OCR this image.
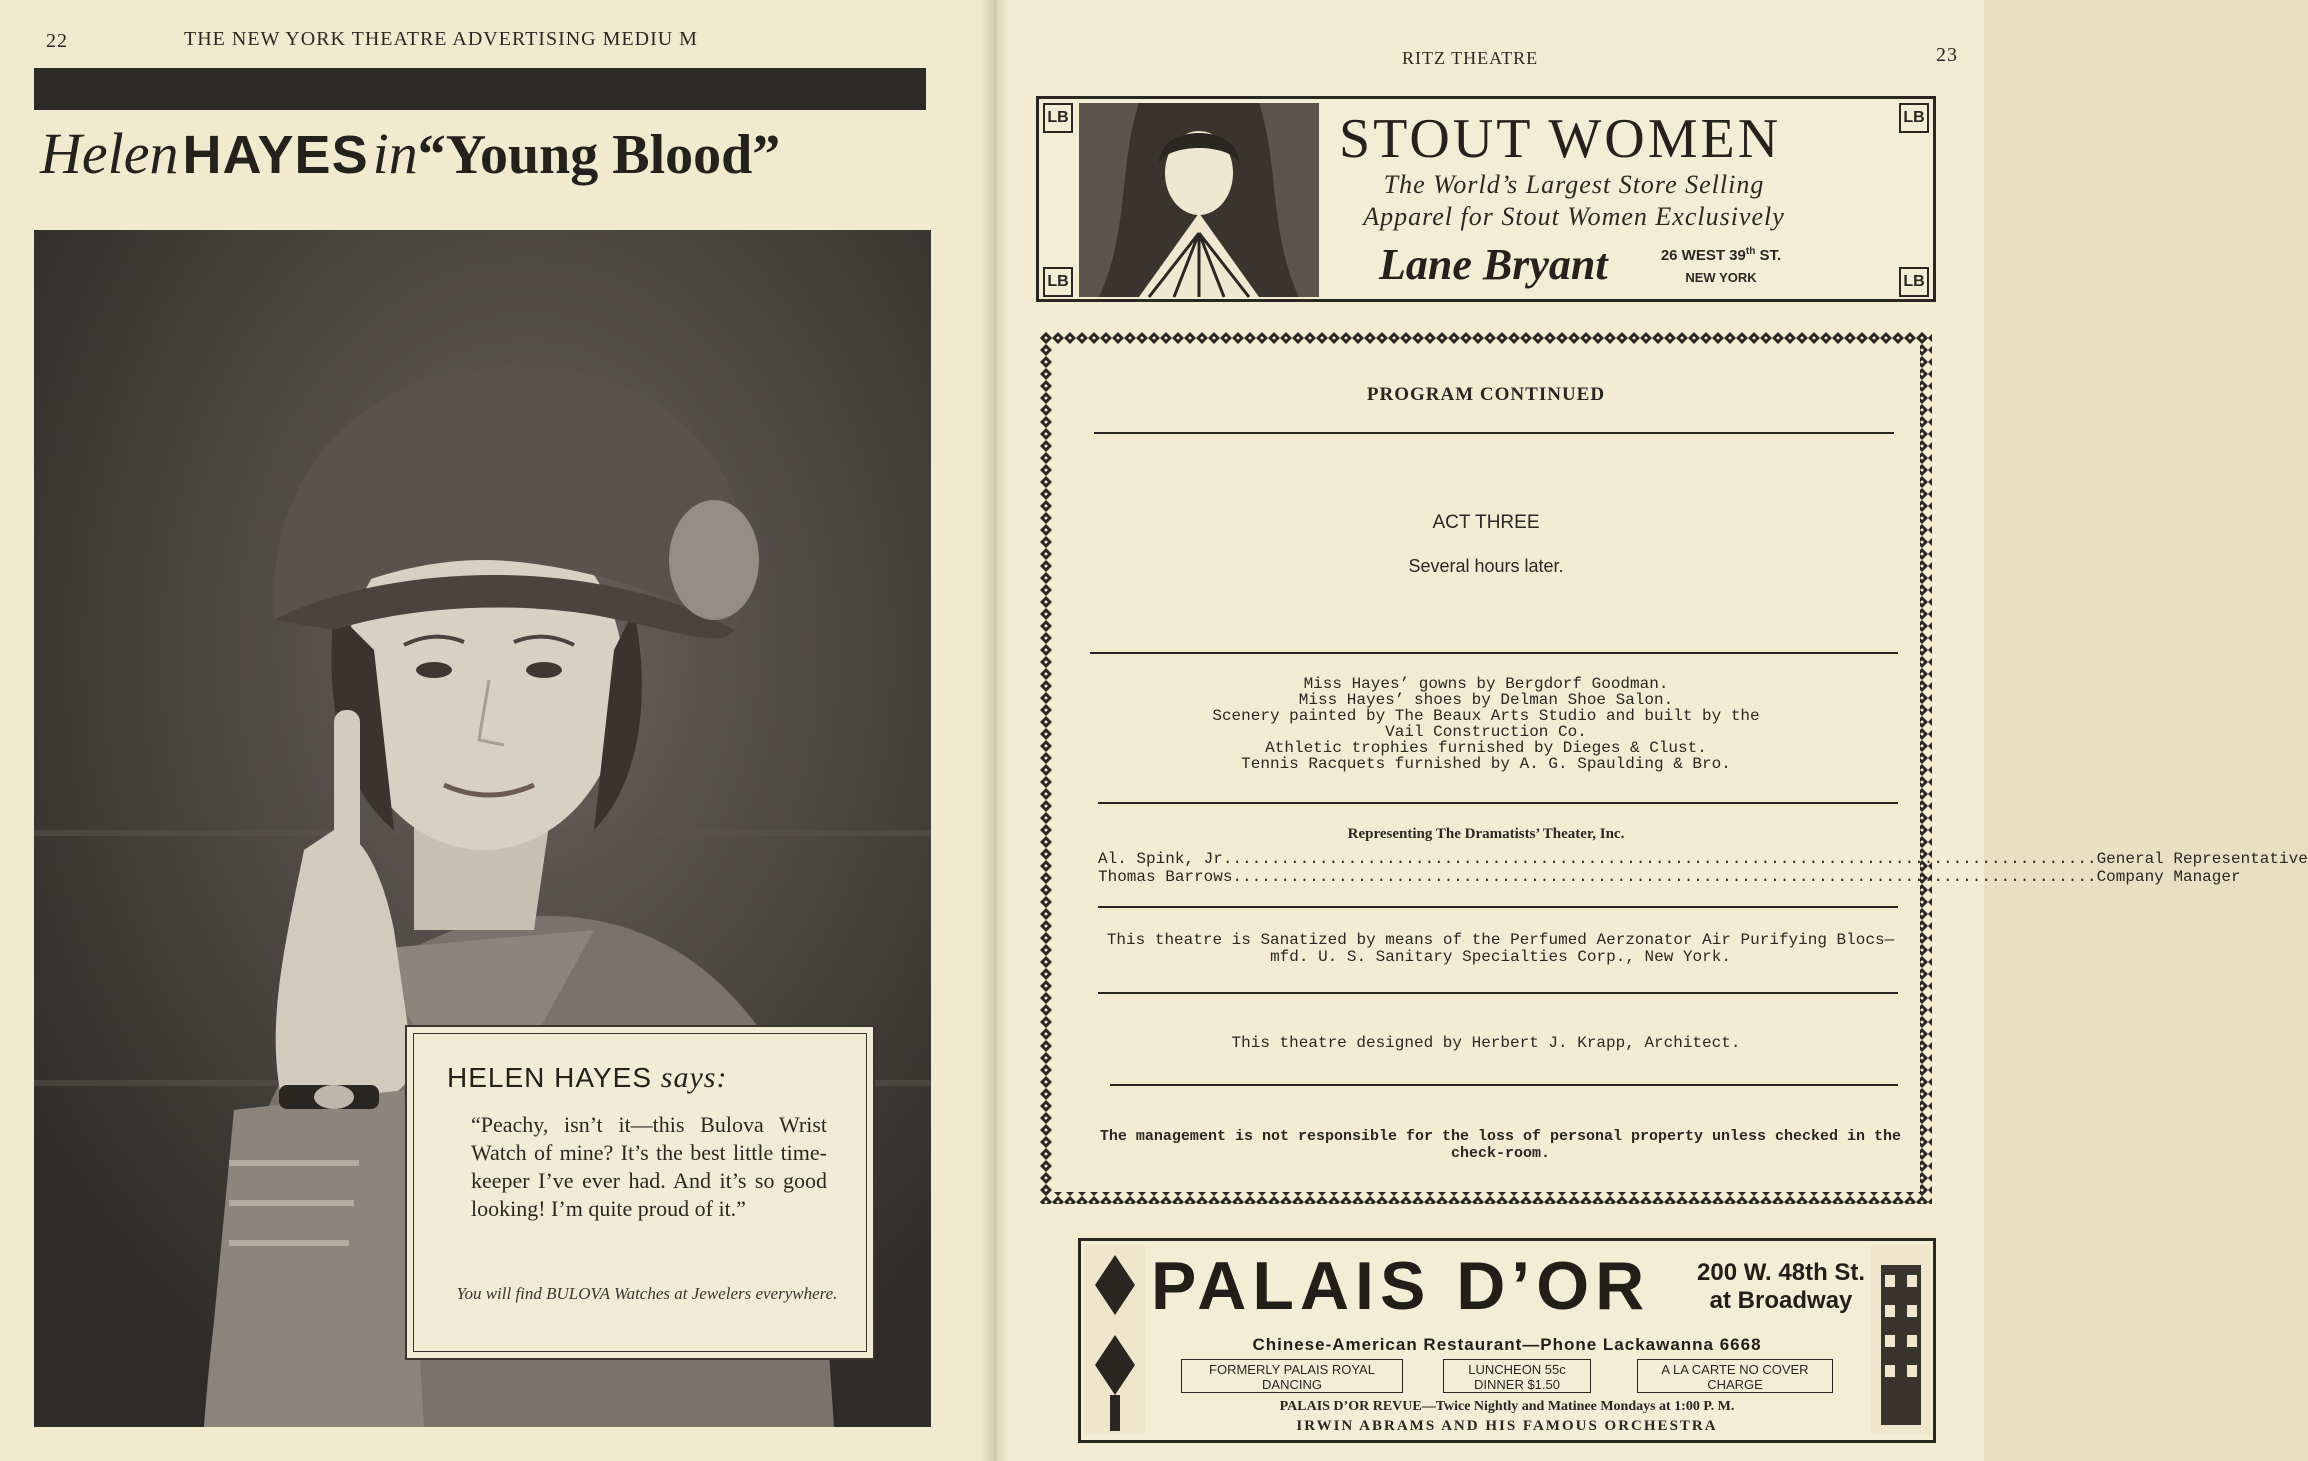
22	THE NEW YORK THEATRE ADVERTISING MEDIU M
Helen HAYES in“Young Blood”
HELEN HAYES says:
“Peachy, isn’t it—this Bulova Wrist Watch of mine? It’s the best little time-keeper I’ve ever had. And it’s so good looking! I’m quite proud of it.”
You will find BULOVA Watches at Jewelers everywhere.
RITZ THEATRE	23
LB
LB
LB
LB
STOUT WOMEN
The World’s Largest Store Selling Apparel for Stout Women Exclusively
Lane Bryant	26 WEST 39th ST.
NEW YORK
PROGRAM CONTINUED
ACT THREE
Several hours later.
Miss Hayes’ gowns by Bergdorf Goodman.
Miss Hayes’ shoes by Delman Shoe Salon.
Scenery painted by The Beaux Arts Studio and built by the
Vail Construction Co.
Athletic trophies furnished by Dieges & Clust.
Tennis Racquets furnished by A. G. Spaulding & Bro.
Representing The Dramatists’ Theater, Inc.
Al. Spink, Jr. .......................................................................................... General Representative
Thomas Barrows .......................................................................................... Company Manager
This theatre is Sanatized by means of the Perfumed Aerzonator Air Purifying Blocs—mfd. U. S. Sanitary Specialties Corp., New York.
This theatre designed by Herbert J. Krapp, Architect.
The management is not responsible for the loss of personal property unless checked in the check-room.
PALAIS D’OR 200 W. 48th St.
at Broadway
Chinese-American Restaurant—Phone Lackawanna 6668
FORMERLY PALAIS ROYAL DANCING
LUNCHEON 55c DINNER $1.50
A LA CARTE NO COVER CHARGE
PALAIS D’OR REVUE—Twice Nightly and Matinee Mondays at 1:00 P. M.
IRWIN ABRAMS AND HIS FAMOUS ORCHESTRA
